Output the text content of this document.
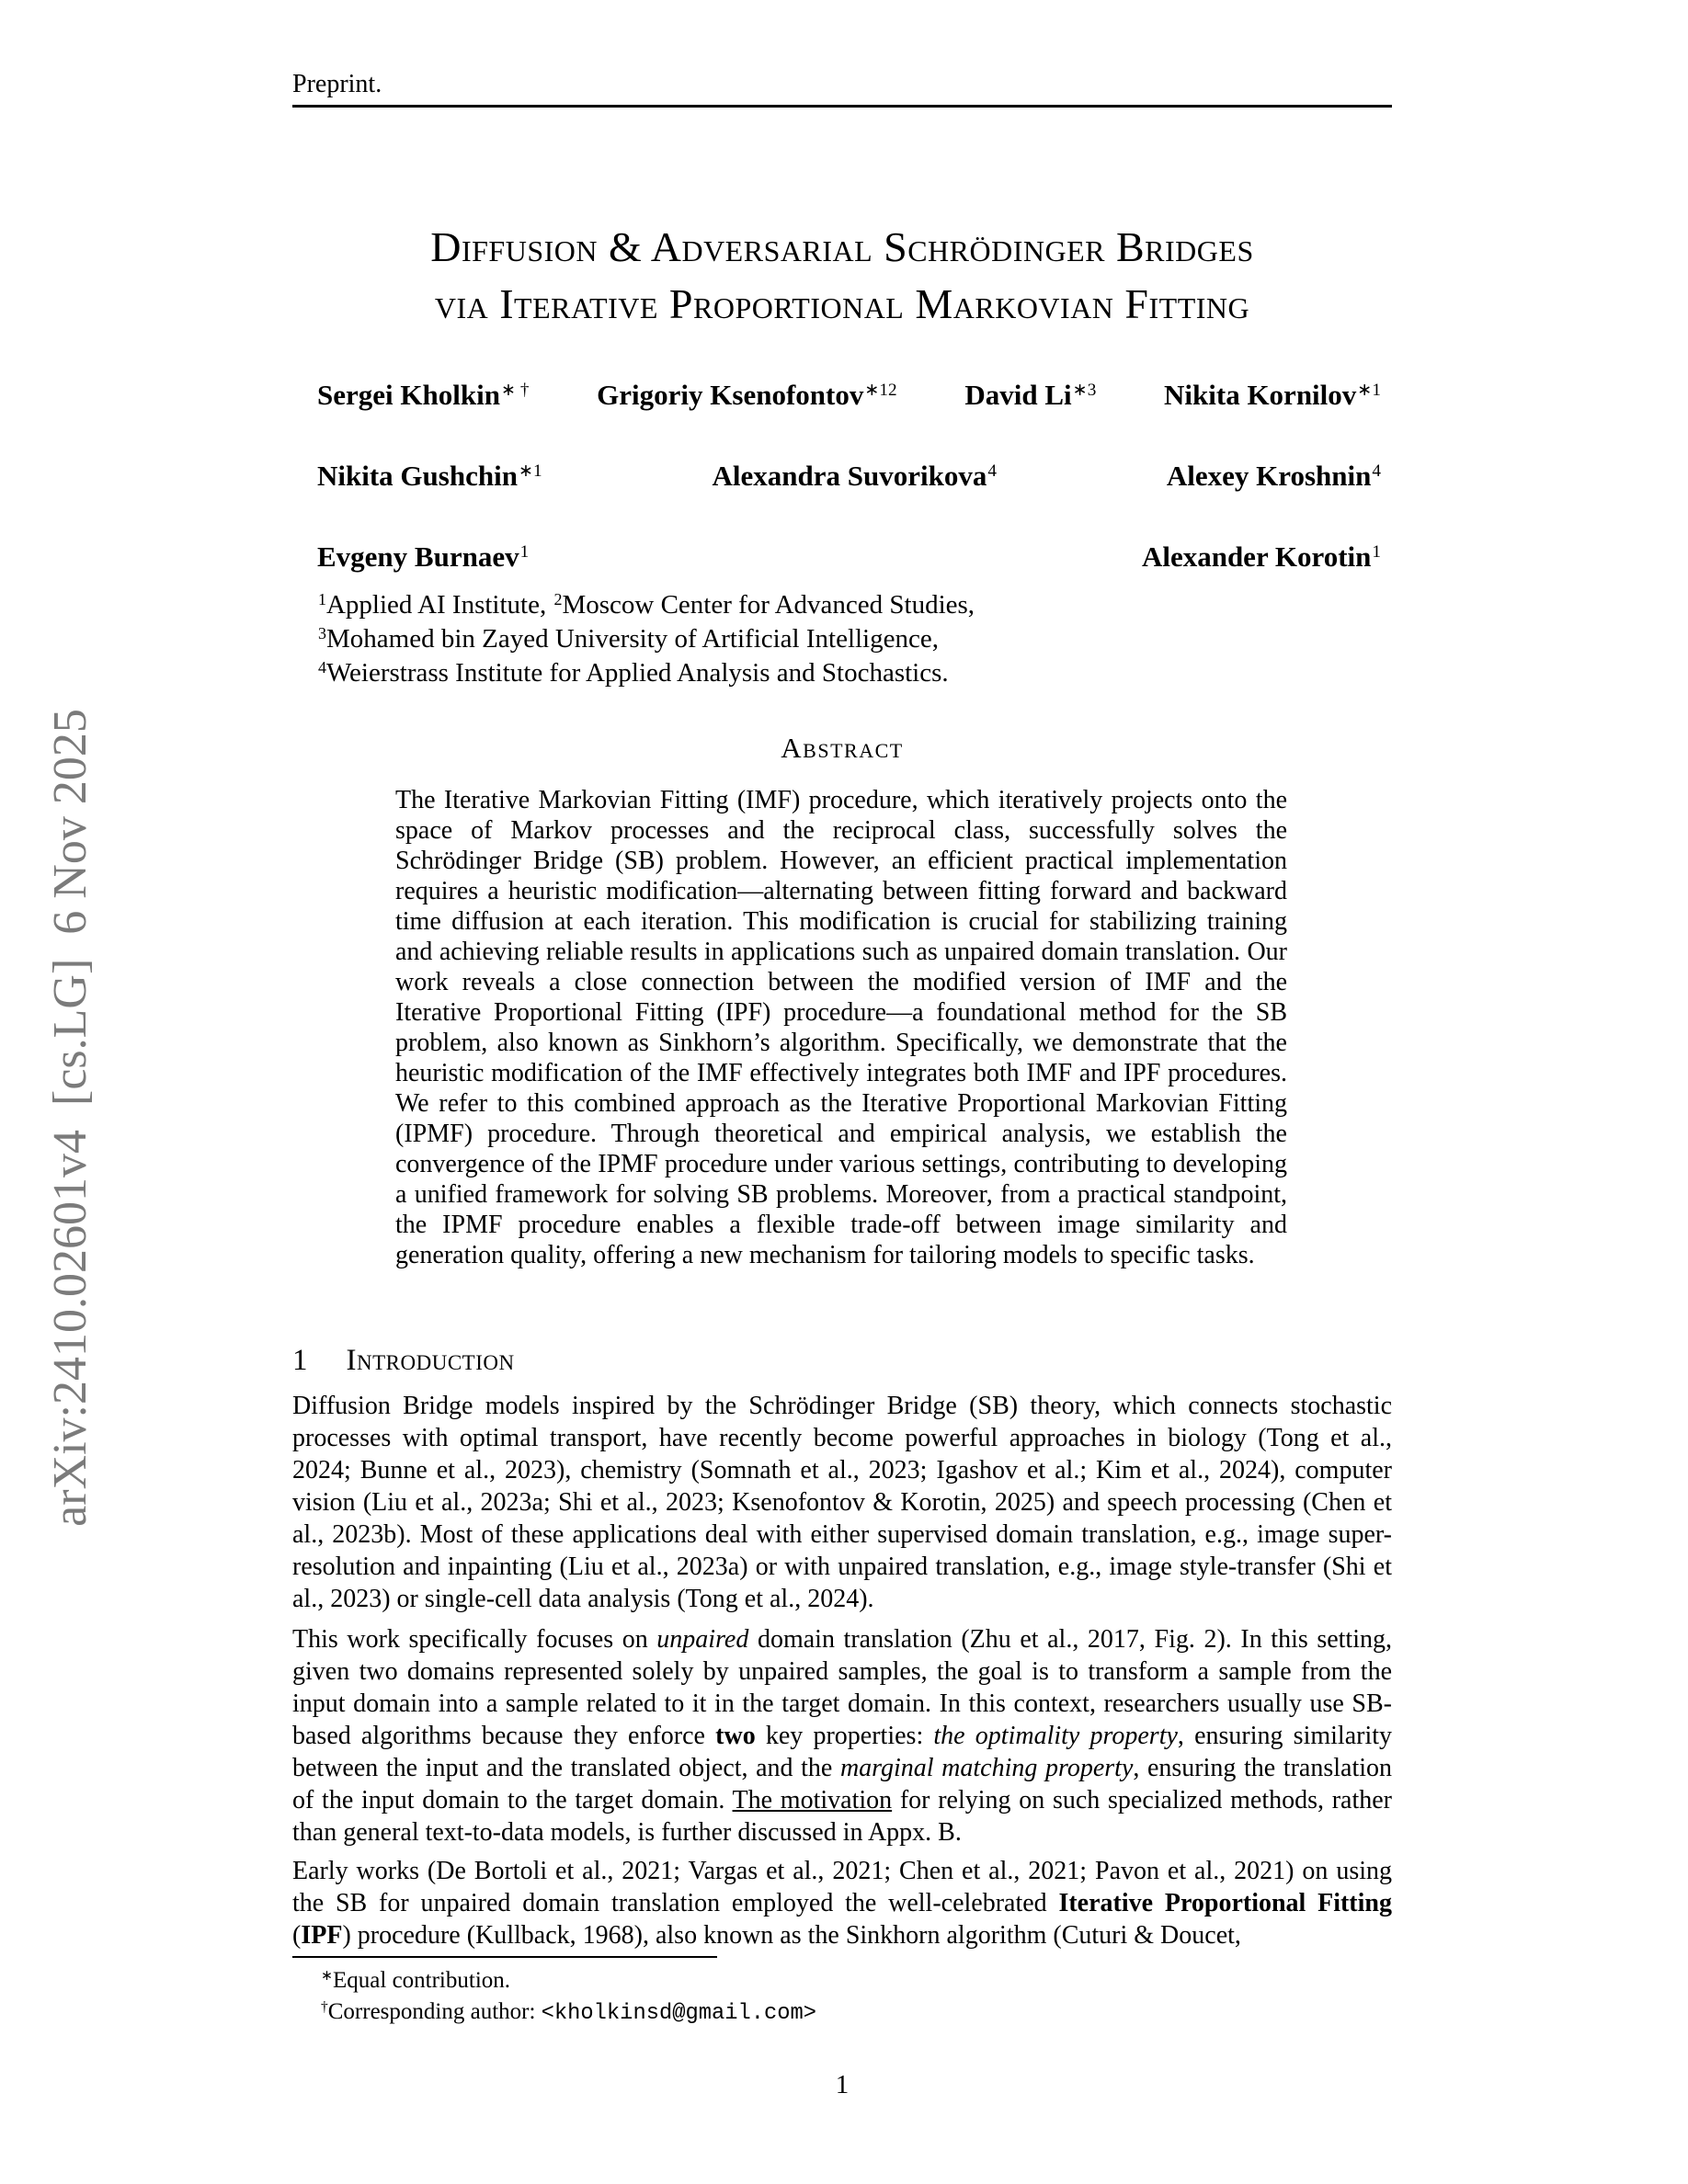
arXiv:2410.02601v4  [cs.LG]  6 Nov 2025
Preprint.
Diffusion & Adversarial Schrödinger Bridges
via Iterative Proportional Markovian Fitting
Sergei Kholkin∗ † Grigoriy Ksenofontov$^{∗12}$ David $Li^{∗3}$ Nikita Kornilov$^{∗1}$
Nikita Gushchin$^{∗1}$	Alexandra Suvorikova$^4$	Alexey Kroshnin$^4$
Evgeny Burnaev$^1$	Alexander Korotin$^1$
$^1$Applied AI Institute, $^2$Moscow Center for Advanced Studies,
$^3$Mohamed bin Zayed University of Artificial Intelligence,
$^4$Weierstrass Institute for Applied Analysis and Stochastics.
Abstract
The Iterative Markovian Fitting (IMF) procedure, which iteratively projects onto the space of Markov processes and the reciprocal class, successfully solves the Schrödinger Bridge (SB) problem. However, an efficient practical implementation requires a heuristic modification—alternating between fitting forward and backward time diffusion at each iteration. This modification is crucial for stabilizing training and achieving reliable results in applications such as unpaired domain translation. Our work reveals a close connection between the modified version of IMF and the Iterative Proportional Fitting (IPF) procedure—a foundational method for the SB problem, also known as Sinkhorn’s algorithm. Specifically, we demonstrate that the heuristic modification of the IMF effectively integrates both IMF and IPF procedures. We refer to this combined approach as the Iterative Proportional Markovian Fitting (IPMF) procedure. Through theoretical and empirical analysis, we establish the convergence of the IPMF procedure under various settings, contributing to developing a unified framework for solving SB problems. Moreover, from a practical standpoint, the IPMF procedure enables a flexible trade-off between image similarity and generation quality, offering a new mechanism for tailoring models to specific tasks.
1 Introduction

Diffusion Bridge models inspired by the Schrödinger Bridge (SB) theory, which connects stochastic processes with optimal transport, have recently become powerful approaches in biology (Tong et al., 2024; Bunne et al., 2023), chemistry (Somnath et al., 2023; Igashov et al.; Kim et al., 2024), computer vision (Liu et al., 2023a; Shi et al., 2023; Ksenofontov & Korotin, 2025) and speech processing (Chen et al., 2023b). Most of these applications deal with either supervised domain translation, e.g., image super-resolution and inpainting (Liu et al., 2023a) or with unpaired translation, e.g., image style-transfer (Shi et al., 2023) or single-cell data analysis (Tong et al., 2024).

This work specifically focuses on unpaired domain translation (Zhu et al., 2017, Fig. 2). In this setting, given two domains represented solely by unpaired samples, the goal is to transform a sample from the input domain into a sample related to it in the target domain. In this context, researchers usually use SB-based algorithms because they enforce two key properties: the optimality property, ensuring similarity between the input and the translated object, and the marginal matching property, ensuring the translation of the input domain to the target domain. The motivation for relying on such specialized methods, rather than general text-to-data models, is further discussed in Appx. B.

Early works (De Bortoli et al., 2021; Vargas et al., 2021; Chen et al., 2021; Pavon et al., 2021) on using the SB for unpaired domain translation employed the well-celebrated Iterative Proportional Fitting (IPF) procedure (Kullback, 1968), also known as the Sinkhorn algorithm (Cuturi & Doucet,

∗Equal contribution.
†Corresponding author: <kholkinsd@gmail.com>
1
